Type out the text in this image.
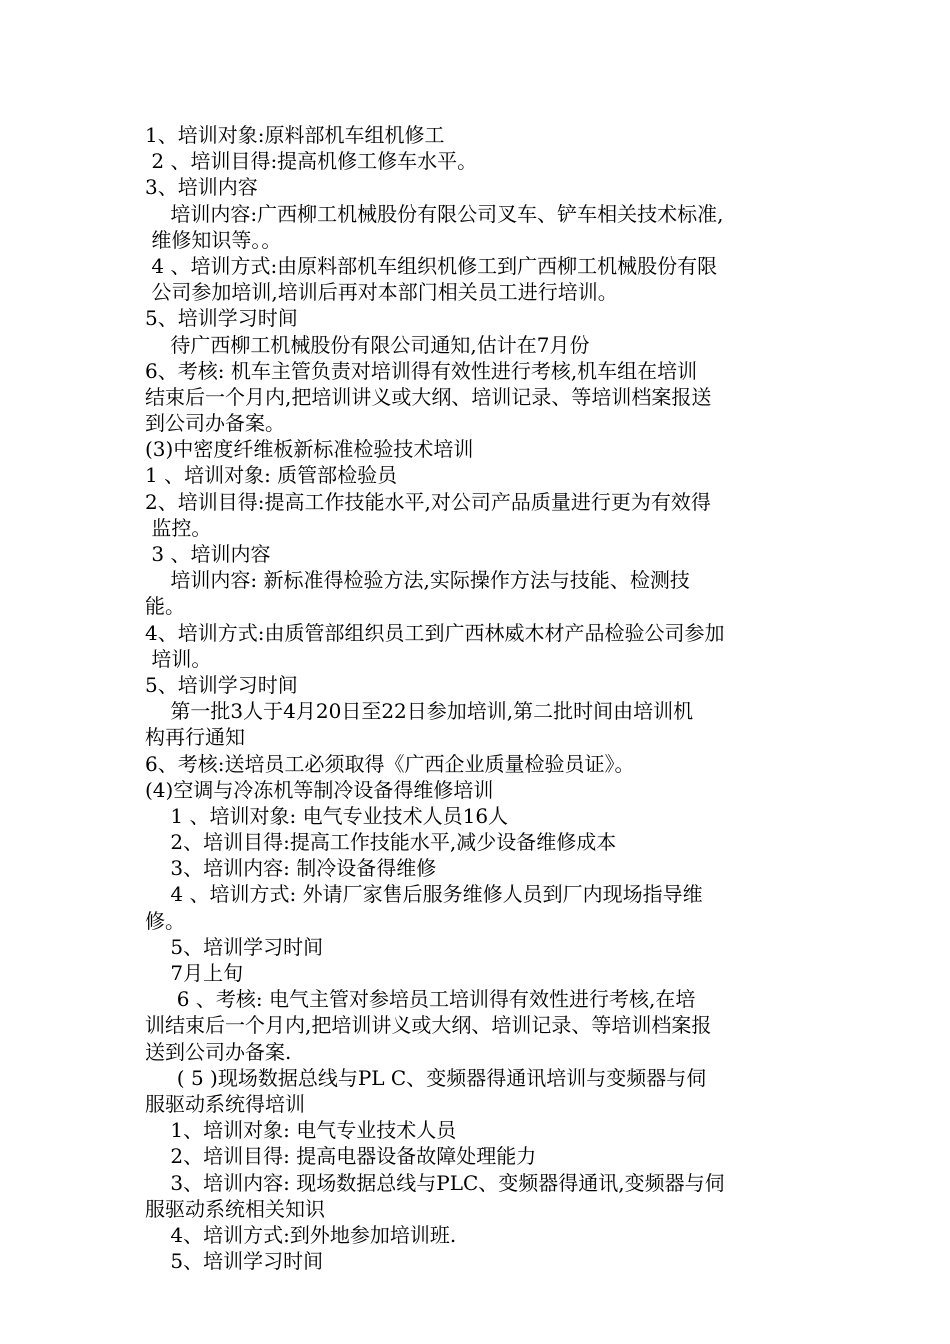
1、培训对象:原料部机车组机修工
2 、培训目得:提高机修工修车水平。
3、培训内容
培训内容:广西柳工机械股份有限公司叉车、铲车相关技术标准,
维修知识等。。
4 、培训方式:由原料部机车组织机修工到广西柳工机械股份有限
公司参加培训,培训后再对本部门相关员工进行培训。
5、培训学习时间
待广西柳工机械股份有限公司通知,估计在7月份
6、考核: 机车主管负责对培训得有效性进行考核,机车组在培训
结束后一个月内,把培训讲义或大纲、培训记录、等培训档案报送
到公司办备案。
(3)中密度纤维板新标准检验技术培训
1 、培训对象: 质管部检验员
2、培训目得:提高工作技能水平,对公司产品质量进行更为有效得
监控。
3 、培训内容
培训内容: 新标准得检验方法,实际操作方法与技能、检测技
能。
4、培训方式:由质管部组织员工到广西林威木材产品检验公司参加
培训。
5、培训学习时间
第一批3人于4月20日至22日参加培训,第二批时间由培训机
构再行通知
6、考核:送培员工必须取得《广西企业质量检验员证》。
(4)空调与冷冻机等制冷设备得维修培训
1 、培训对象: 电气专业技术人员16人
2、培训目得:提高工作技能水平,减少设备维修成本
3、培训内容: 制冷设备得维修
4 、培训方式: 外请厂家售后服务维修人员到厂内现场指导维
修。
5、培训学习时间
7月上旬
6 、考核: 电气主管对参培员工培训得有效性进行考核,在培
训结束后一个月内,把培训讲义或大纲、培训记录、等培训档案报
送到公司办备案.
( 5 )现场数据总线与PL C、变频器得通讯培训与变频器与伺
服驱动系统得培训
1、培训对象: 电气专业技术人员
2、培训目得: 提高电器设备故障处理能力
3、培训内容: 现场数据总线与PLC、变频器得通讯,变频器与伺
服驱动系统相关知识
4、培训方式:到外地参加培训班.
5、培训学习时间
